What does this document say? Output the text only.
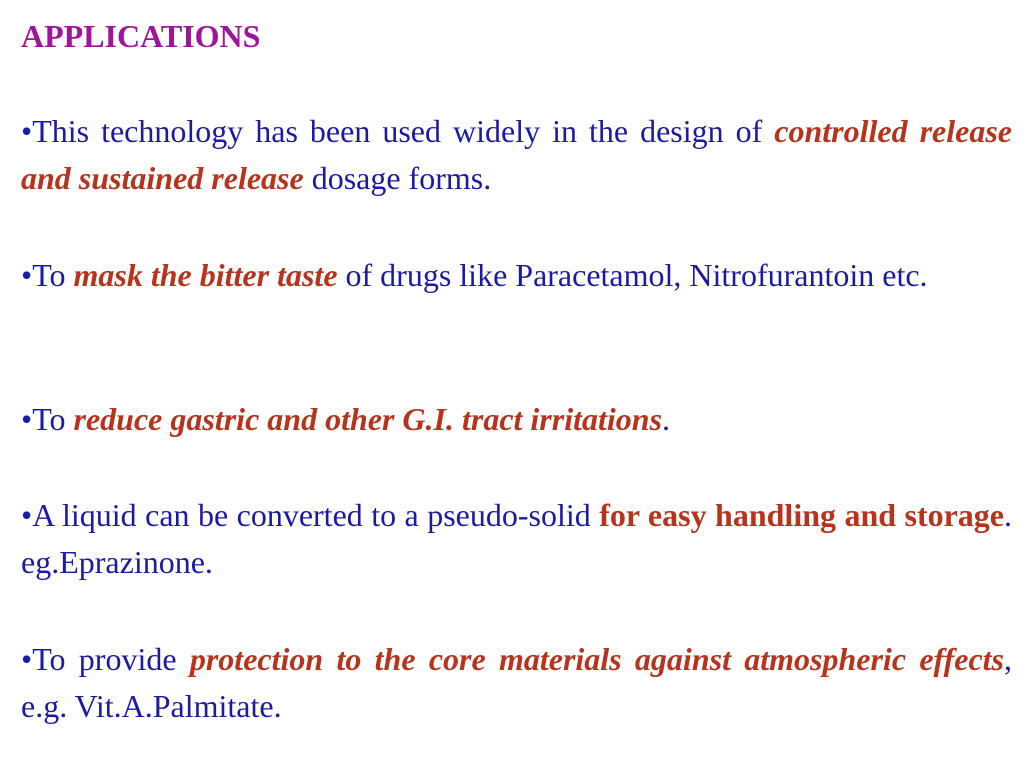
APPLICATIONS
•This technology has been used widely in the design of controlled release and sustained release dosage forms.
•To mask the bitter taste of drugs like Paracetamol, Nitrofurantoin etc.
•To reduce gastric and other G.I. tract irritations.
•A liquid can be converted to a pseudo-solid for easy handling and storage. eg.Eprazinone.
•To provide protection to the core materials against atmospheric effects, e.g. Vit.A.Palmitate.
